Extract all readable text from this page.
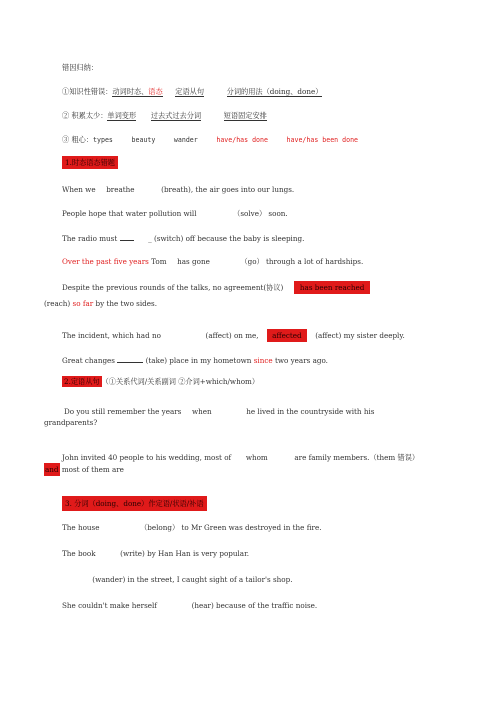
错因归纳：
①知识性错误：动词时态、语态 定语从句	分词的用法（doing、done）
② 积累太少：单词变形 过去式过去分词	短语固定安排
③ 粗心：types	beauty	wander	have/has done	have/has been done
1.时态语态错题
When we breathe	(breath), the air goes into our lungs.
People hope that water pollution will	（solve） soon.
The radio must	_ (switch) off because the baby is sleeping.
Over the past five years Tom has gone	（go） through a lot of hardships.
Despite the previous rounds of the talks, no agreement(协议) has been reached
(reach) so far by the two sides.
The incident, which had no	(affect) on me, affected (affect) my sister deeply.
Great changes	(take) place in my hometown since two years ago.
2.定语从句 （①关系代词/关系副词 ②介词+which/whom）
Do you still remember the years when	he lived in the countryside with his grandparents?
John invited 40 people to his wedding, most of whom	are family members.（them 错误）  and most of them are
3. 分词（doing、done）作定语/状语/补语
The house	（belong） to Mr Green was destroyed in the fire.
The book	(write) by Han Han is very popular.
(wander) in the street, I caught sight of a tailor's shop.
She couldn't make herself	(hear) because of the traffic noise.
